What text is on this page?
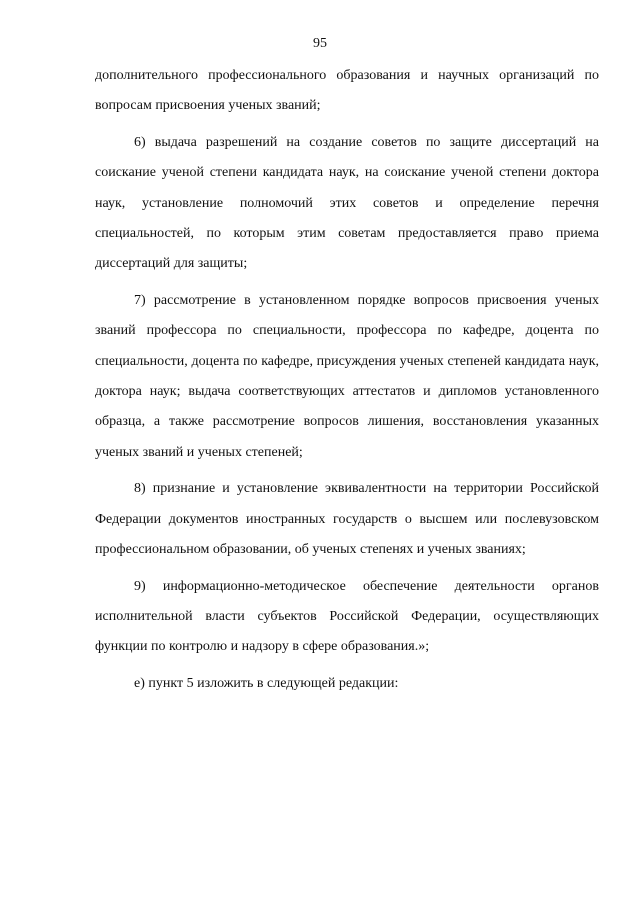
95

дополнительного профессионального образования и научных организаций по вопросам присвоения ученых званий;

6) выдача разрешений на создание советов по защите диссертаций на соискание ученой степени кандидата наук, на соискание ученой степени доктора наук, установление полномочий этих советов и определение перечня специальностей, по которым этим советам предоставляется право приема диссертаций для защиты;

7) рассмотрение в установленном порядке вопросов присвоения ученых званий профессора по специальности, профессора по кафедре, доцента по специальности, доцента по кафедре, присуждения ученых степеней кандидата наук, доктора наук; выдача соответствующих аттестатов и дипломов установленного образца, а также рассмотрение вопросов лишения, восстановления указанных ученых званий и ученых степеней;

8) признание и установление эквивалентности на территории Российской Федерации документов иностранных государств о высшем или послевузовском профессиональном образовании, об ученых степенях и ученых званиях;

9) информационно-методическое обеспечение деятельности органов исполнительной власти субъектов Российской Федерации, осуществляющих функции по контролю и надзору в сфере образования.»;

е) пункт 5 изложить в следующей редакции:
